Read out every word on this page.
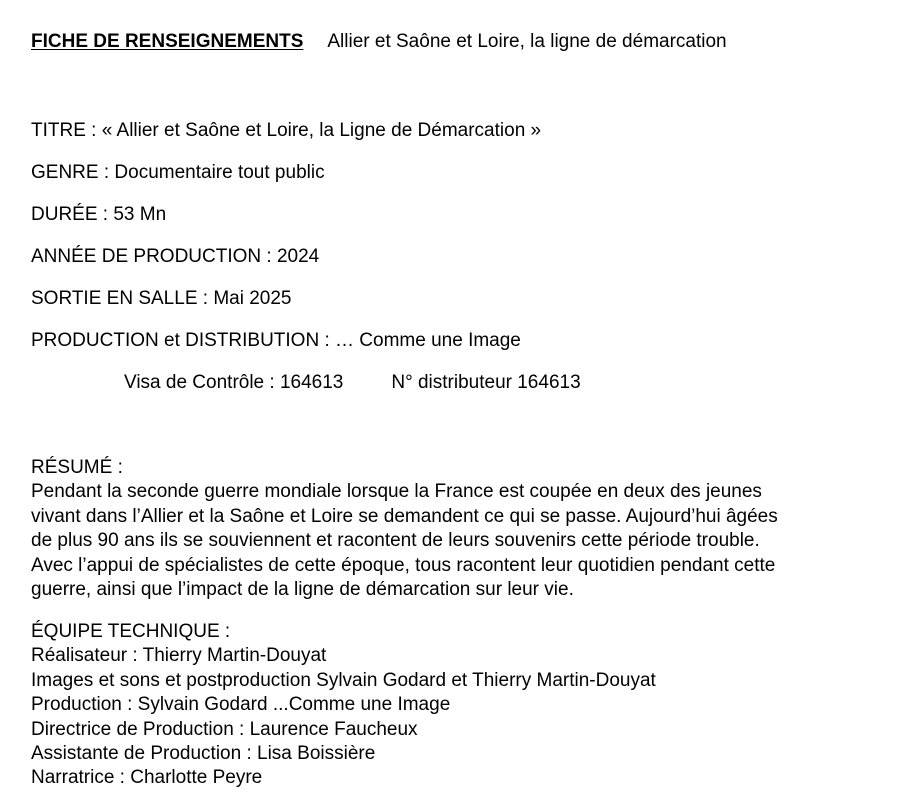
FICHE DE RENSEIGNEMENTS Allier et Saône et Loire, la ligne de démarcation
TITRE : « Allier et Saône et Loire, la Ligne de Démarcation »
GENRE : Documentaire tout public
DURÉE : 53 Mn
ANNÉE DE PRODUCTION : 2024
SORTIE EN SALLE : Mai 2025
PRODUCTION et DISTRIBUTION : … Comme une Image
Visa de Contrôle : 164613	N° distributeur 164613

RÉSUMÉ :

Pendant la seconde guerre mondiale lorsque la France est coupée en deux des jeunes

vivant dans l’Allier et la Saône et Loire se demandent ce qui se passe. Aujourd’hui âgées

de plus 90 ans ils se souviennent et racontent de leurs souvenirs cette période trouble.

Avec l’appui de spécialistes de cette époque, tous racontent leur quotidien pendant cette

guerre, ainsi que l’impact de la ligne de démarcation sur leur vie.

ÉQUIPE TECHNIQUE :

Réalisateur : Thierry Martin-Douyat

Images et sons et postproduction Sylvain Godard et Thierry Martin-Douyat

Production : Sylvain Godard ...Comme une Image

Directrice de Production : Laurence Faucheux

Assistante de Production : Lisa Boissière

Narratrice : Charlotte Peyre
